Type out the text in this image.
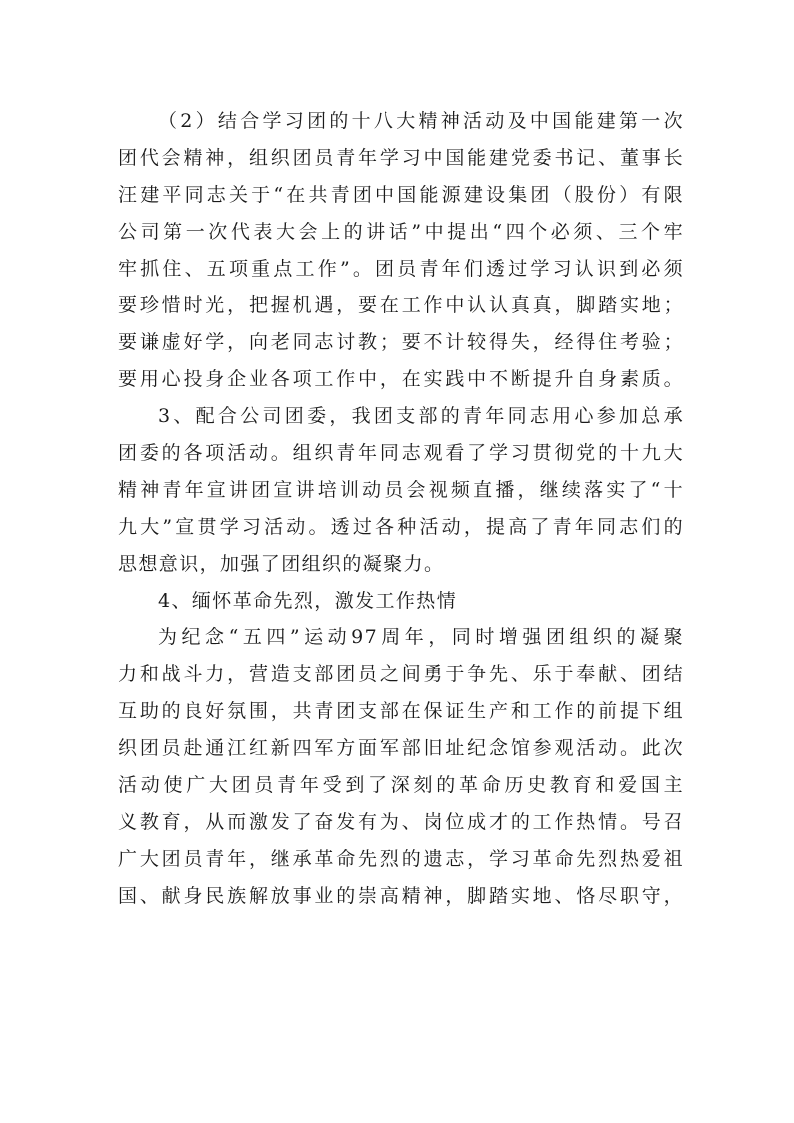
（2）结合学习团的十八大精神活动及中国能建第一次
团代会精神，组织团员青年学习中国能建党委书记、董事长
汪建平同志关于“在共青团中国能源建设集团（股份）有限
公司第一次代表大会上的讲话”中提出“四个必须、三个牢
牢抓住、五项重点工作”。团员青年们透过学习认识到必须
要珍惜时光，把握机遇，要在工作中认认真真，脚踏实地；
要谦虚好学，向老同志讨教；要不计较得失，经得住考验；
要用心投身企业各项工作中，在实践中不断提升自身素质。
3、配合公司团委，我团支部的青年同志用心参加总承
团委的各项活动。组织青年同志观看了学习贯彻党的十九大
精神青年宣讲团宣讲培训动员会视频直播，继续落实了“十
九大”宣贯学习活动。透过各种活动，提高了青年同志们的
思想意识，加强了团组织的凝聚力。
4、缅怀革命先烈，激发工作热情
为纪念“五四”运动97周年，同时增强团组织的凝聚
力和战斗力，营造支部团员之间勇于争先、乐于奉献、团结
互助的良好氛围，共青团支部在保证生产和工作的前提下组
织团员赴通江红新四军方面军部旧址纪念馆参观活动。此次
活动使广大团员青年受到了深刻的革命历史教育和爱国主
义教育，从而激发了奋发有为、岗位成才的工作热情。号召
广大团员青年，继承革命先烈的遗志，学习革命先烈热爱祖
国、献身民族解放事业的崇高精神，脚踏实地、恪尽职守，
